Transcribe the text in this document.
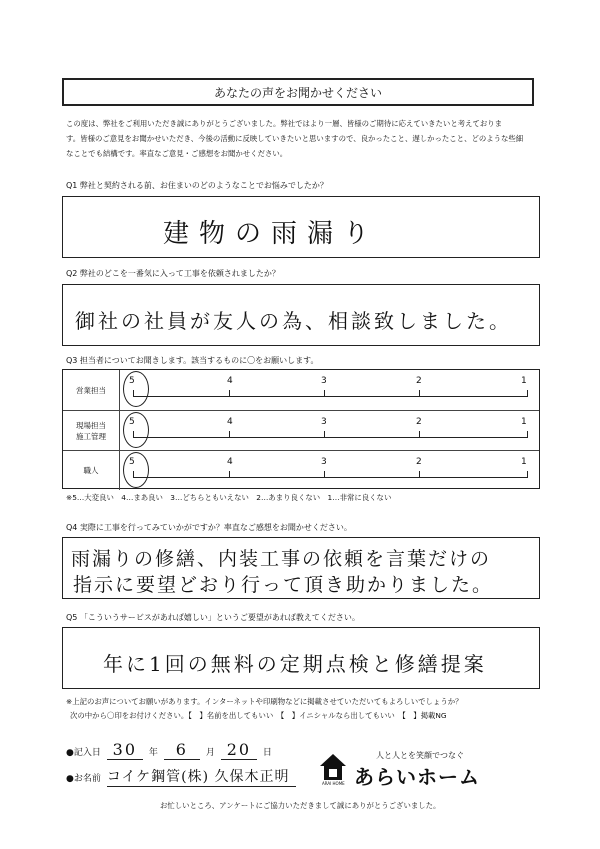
あなたの声をお聞かせください
この度は、弊社をご利用いただき誠にありがとうございました。弊社ではより一層、皆様のご期待に応えていきたいと考えておりま
す。皆様のご意見をお聞かせいただき、今後の活動に反映していきたいと思いますので、良かったこと、遅しかったこと、どのような些細
なことでも結構です。率直なご意見・ご感想をお聞かせください。
Q1 弊社と契約される前、お住まいのどのようなことでお悩みでしたか？
建物の雨漏り
Q2 弊社のどこを一番気に入って工事を依頼されましたか？
御社の社員が友人の為、相談致しました。
Q3 担当者についてお聞きします。該当するものに〇をお願いします。
営業担当
5	4	3	2	1
現場担当
施工管理
5	4	3	2	1
職人
5	4	3	2	1
※5…大変良い　4…まあ良い　3…どちらともいえない　2…あまり良くない　1…非常に良くない
Q4 実際に工事を行ってみていかがですか？率直なご感想をお聞かせください。
雨漏りの修繕、内装工事の依頼を言葉だけの
指示に要望どおり行って頂き助かりました。
Q5 「こういうサービスがあれば嬉しい」というご要望があれば教えてください。
年に1回の無料の定期点検と修繕提案
※上記のお声についてお願いがあります。インターネットや印刷物などに掲載させていただいてもよろしいでしょうか？
次の中から〇印をお付けください。【　】名前を出してもいい　【　】イニシャルなら出してもいい　【　】掲載NG
●記入日 30	年	6	月 20	日
●お名前 コイケ鋼管(株) 久保木正明	ARAI HOME
人と人とを笑顔でつなぐ
あらいホーム
お忙しいところ、アンケートにご協力いただきまして誠にありがとうございました。
